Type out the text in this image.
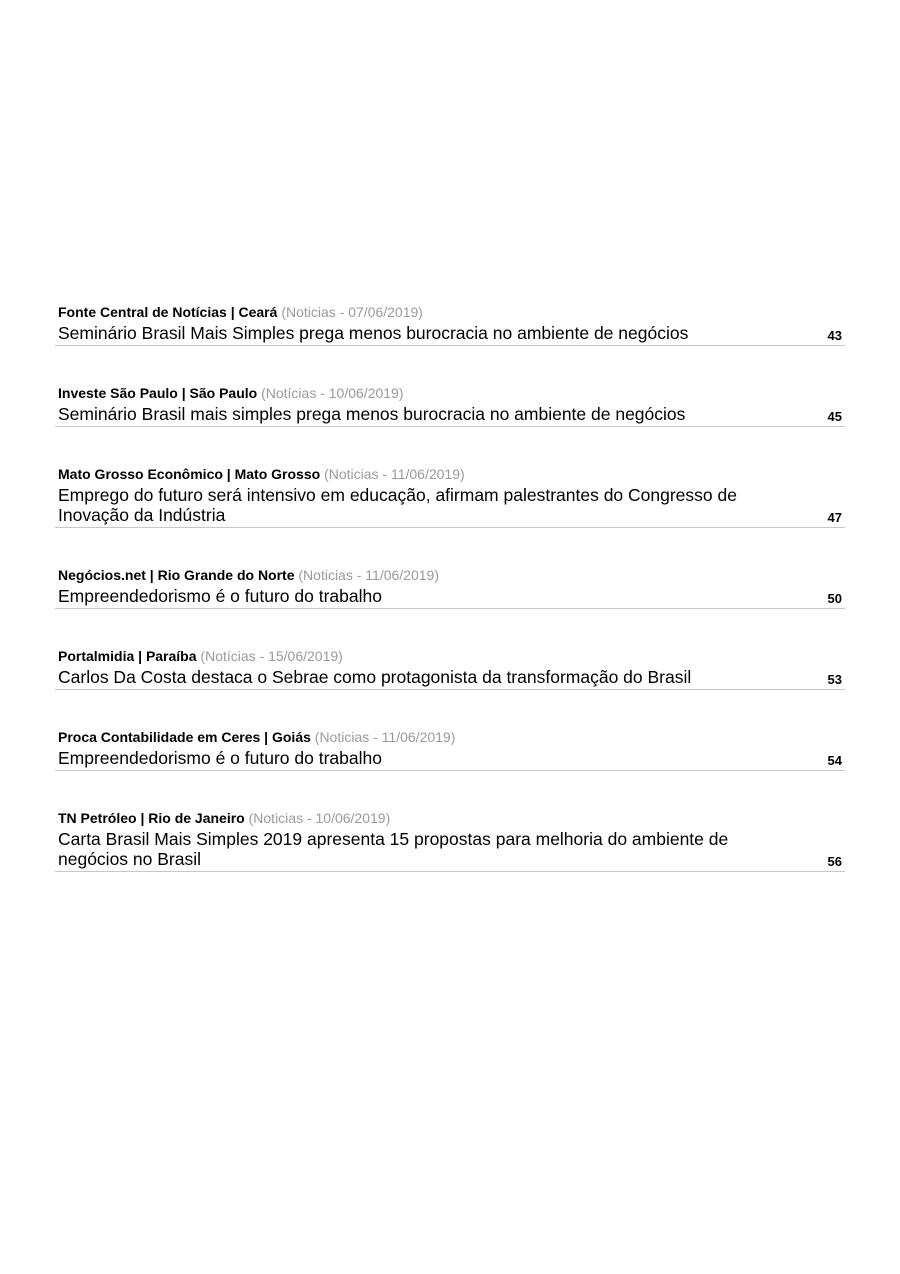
Fonte Central de Notícias | Ceará (Noticias - 07/06/2019)
Seminário Brasil Mais Simples prega menos burocracia no ambiente de negócios	43
Investe São Paulo | São Paulo (Notícias - 10/06/2019)
Seminário Brasil mais simples prega menos burocracia no ambiente de negócios	45
Mato Grosso Econômico | Mato Grosso (Noticias - 11/06/2019)
Emprego do futuro será intensivo em educação, afirmam palestrantes do Congresso de Inovação da Indústria	47
Negócios.net | Rio Grande do Norte (Noticias - 11/06/2019)
Empreendedorismo é o futuro do trabalho	50
Portalmidia | Paraíba (Notícias - 15/06/2019)
Carlos Da Costa destaca o Sebrae como protagonista da transformação do Brasil	53
Proca Contabilidade em Ceres | Goiás (Noticias - 11/06/2019)
Empreendedorismo é o futuro do trabalho	54
TN Petróleo | Rio de Janeiro (Noticias - 10/06/2019)
Carta Brasil Mais Simples 2019 apresenta 15 propostas para melhoria do ambiente de negócios no Brasil	56
